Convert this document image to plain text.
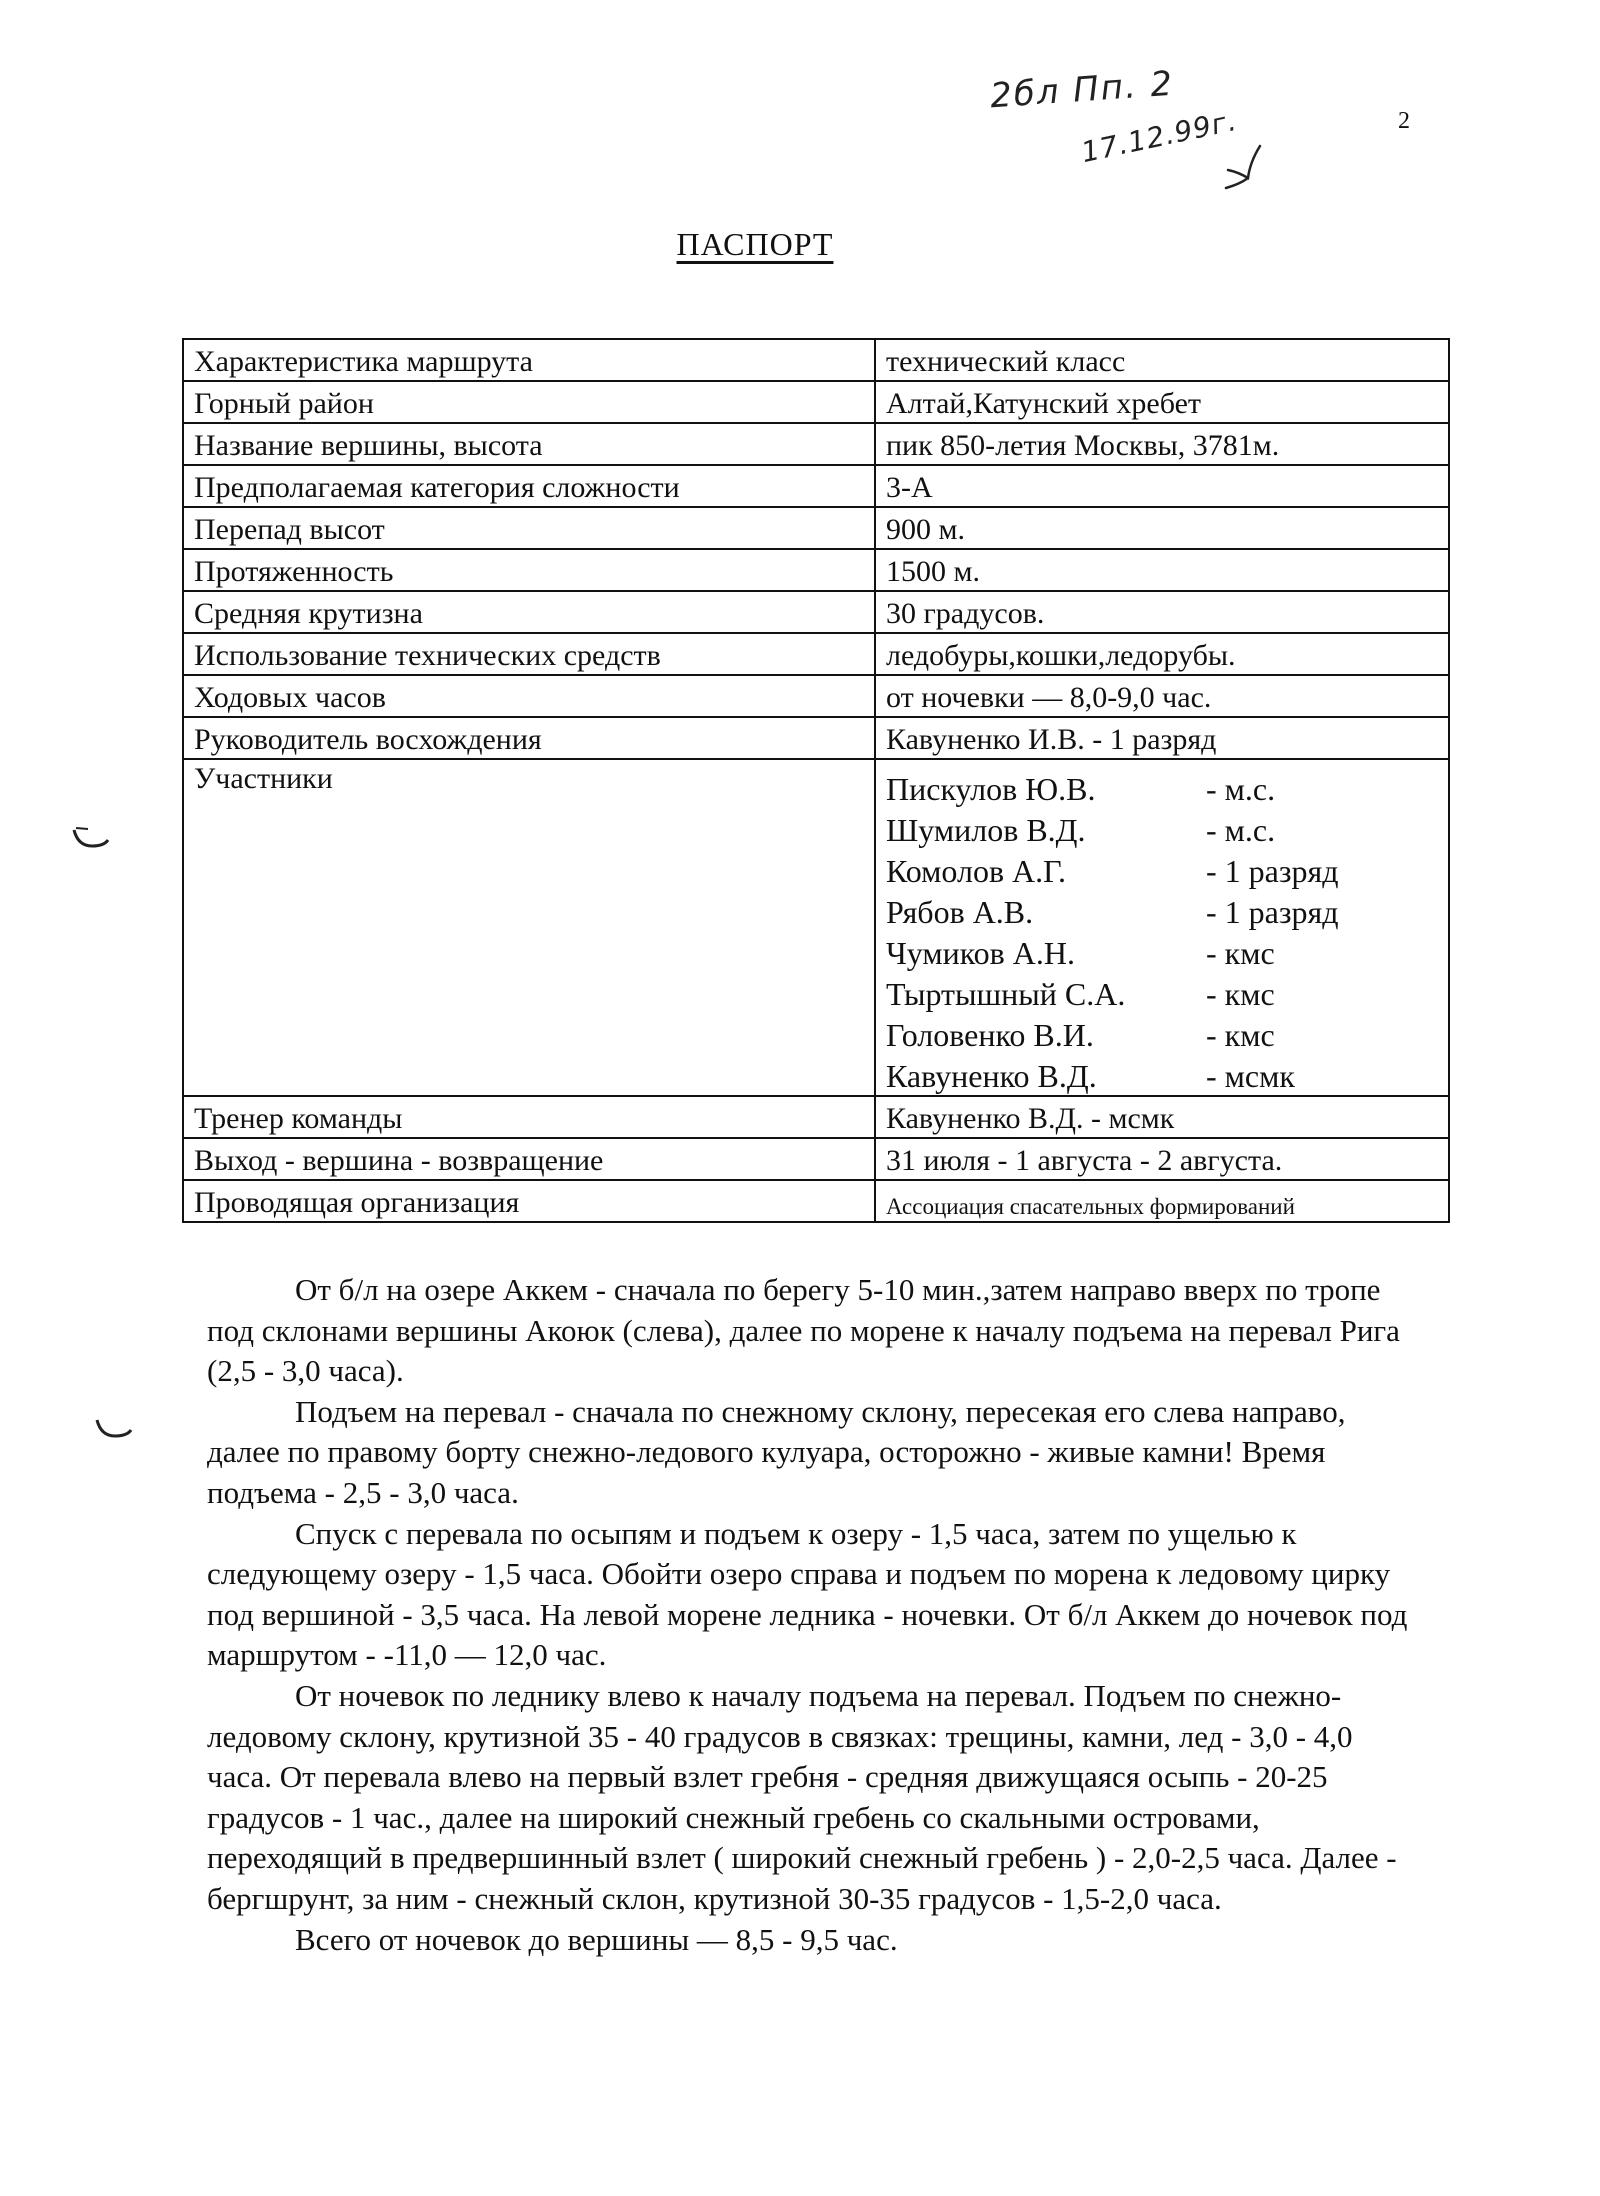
2бл Пп. 2
17.12.99г.	2
ПАСПОРТ
Характеристика маршрута	технический класс
Горный район	Алтай,Катунский хребет
Название вершины, высота	пик 850-летия Москвы, 3781м.
Предполагаемая категория сложности	3-А
Перепад высот	900 м.
Протяженность	1500 м.
Средняя крутизна	30 градусов.
Использование технических средств	ледобуры,кошки,ледорубы.
Ходовых часов	от ночевки — 8,0-9,0 час.
Руководитель восхождения	Кавуненко И.В. - 1 разряд
Участники	Пискулов Ю.В.	- м.с.
Шумилов В.Д.	- м.с.
Комолов А.Г.	- 1 разряд
Рябов А.В.	- 1 разряд
Чумиков А.Н.	- кмс
Тыртышный С.А.	- кмс
Головенко В.И.	- кмс
Кавуненко В.Д.	- мсмк

Тренер команды	Кавуненко В.Д. - мсмк
Выход - вершина - возвращение	31 июля - 1 августа - 2 августа.
Проводящая организация	Ассоциация спасательных формирований

От б/л на озере Аккем - сначала по берегу 5-10 мин.,затем направо вверх по тропе под склонами вершины Акоюк (слева), далее по морене к началу подъема на перевал Рига (2,5 - 3,0 часа).

Подъем на перевал - сначала по снежному склону, пересекая его слева направо, далее по правому борту снежно-ледового кулуара, осторожно - живые камни! Время подъема - 2,5 - 3,0 часа.

Спуск с перевала по осыпям и подъем к озеру - 1,5 часа, затем по ущелью к следующему озеру - 1,5 часа. Обойти озеро справа и подъем по морена к ледовому цирку под вершиной - 3,5 часа. На левой морене ледника - ночевки. От б/л Аккем до ночевок под маршрутом - -11,0 — 12,0 час.

От ночевок по леднику влево к началу подъема на перевал. Подъем по снежно-ледовому склону, крутизной 35 - 40 градусов в связках: трещины, камни, лед - 3,0 - 4,0 часа. От перевала влево на первый взлет гребня - средняя движущаяся осыпь - 20-25 градусов - 1 час., далее на широкий снежный гребень со скальными островами, переходящий в предвершинный взлет ( широкий снежный гребень ) - 2,0-2,5 часа. Далее - бергшрунт, за ним - снежный склон, крутизной 30-35 градусов - 1,5-2,0 часа.

Всего от ночевок до вершины — 8,5 - 9,5 час.
